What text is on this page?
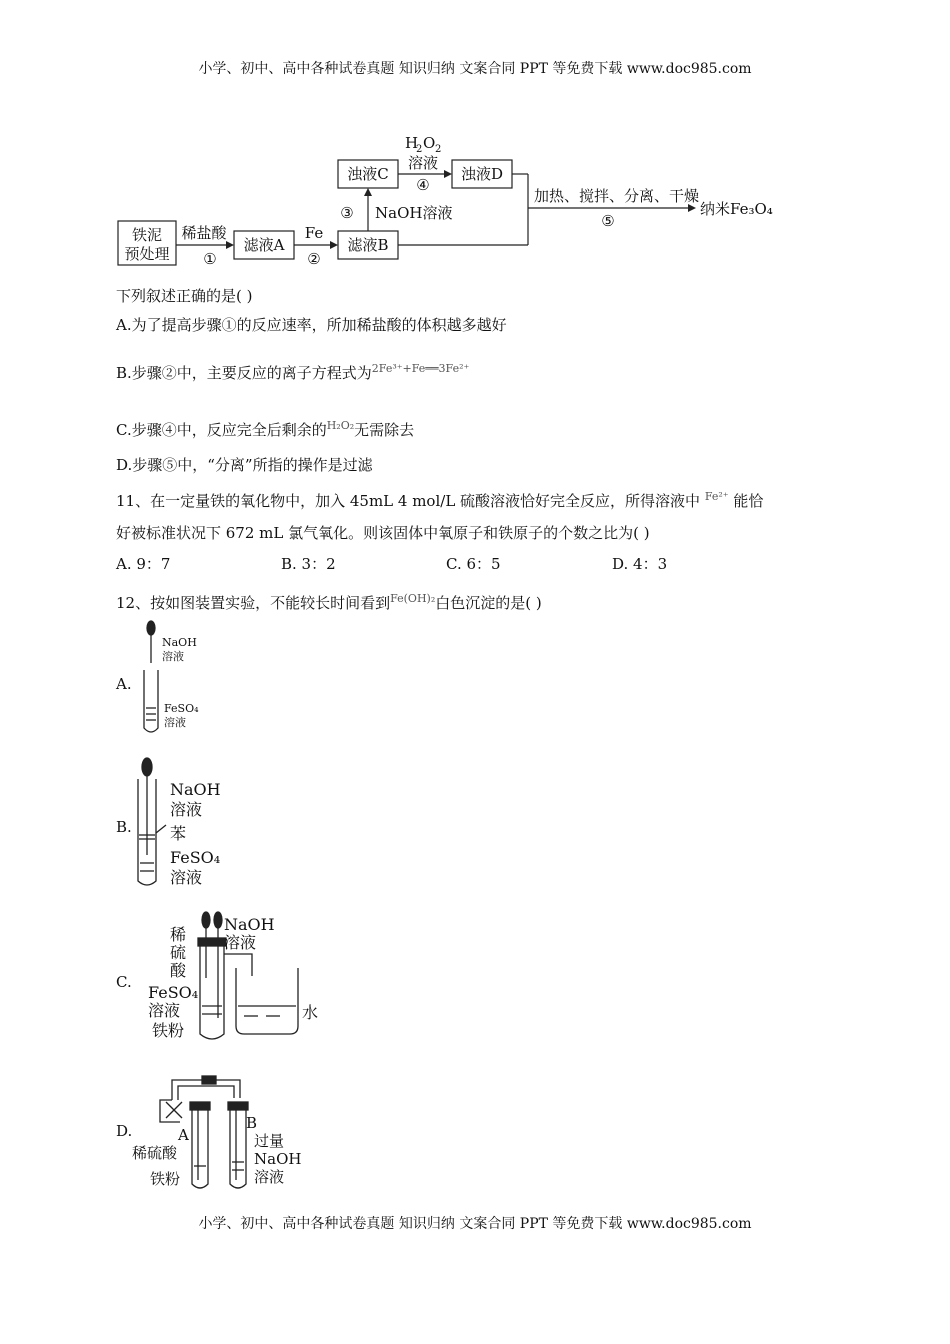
小学、初中、高中各种试卷真题 知识归纳 文案合同 PPT 等免费下载 www.doc985.com
铁泥
预处理
稀盐酸
①
滤液A
Fe
②
滤液B
③ NaOH溶液
浊液C
H
2 O 2
溶液
④
浊液D
加热、搅拌、分离、干燥
⑤
纳米Fe₃O₄
下列叙述正确的是( )
A.为了提高步骤①的反应速率，所加稀盐酸的体积越多越好
B.步骤②中，主要反应的离子方程式为$^{2Fe^{3+}+Fe══3Fe^{2+}}$
C.步骤④中，反应完全后剩余的$^{H_2O_2}$无需除去
D.步骤⑤中，“分离”所指的操作是过滤
11、在一定量铁的氧化物中，加入 45mL 4 mol/L 硫酸溶液恰好完全反应，所得溶液中 $^{Fe^{2+}}$ 能恰
好被标准状况下 672 mL 氯气氧化。则该固体中氧原子和铁原子的个数之比为( )
A. 9：7	B. 3：2	C. 6：5	D. 4：3
12、按如图装置实验，不能较长时间看到$^{Fe(OH)_2}$白色沉淀的是( )
A.
NaOH
溶液
FeSO₄
溶液
B.
NaOH
溶液
苯
FeSO₄
溶液
C.
稀
硫
酸
NaOH
溶液
FeSO₄
溶液
铁粉
水
D.	A
B
稀硫酸
铁粉
过量
NaOH
溶液
小学、初中、高中各种试卷真题 知识归纳 文案合同 PPT 等免费下载 www.doc985.com
